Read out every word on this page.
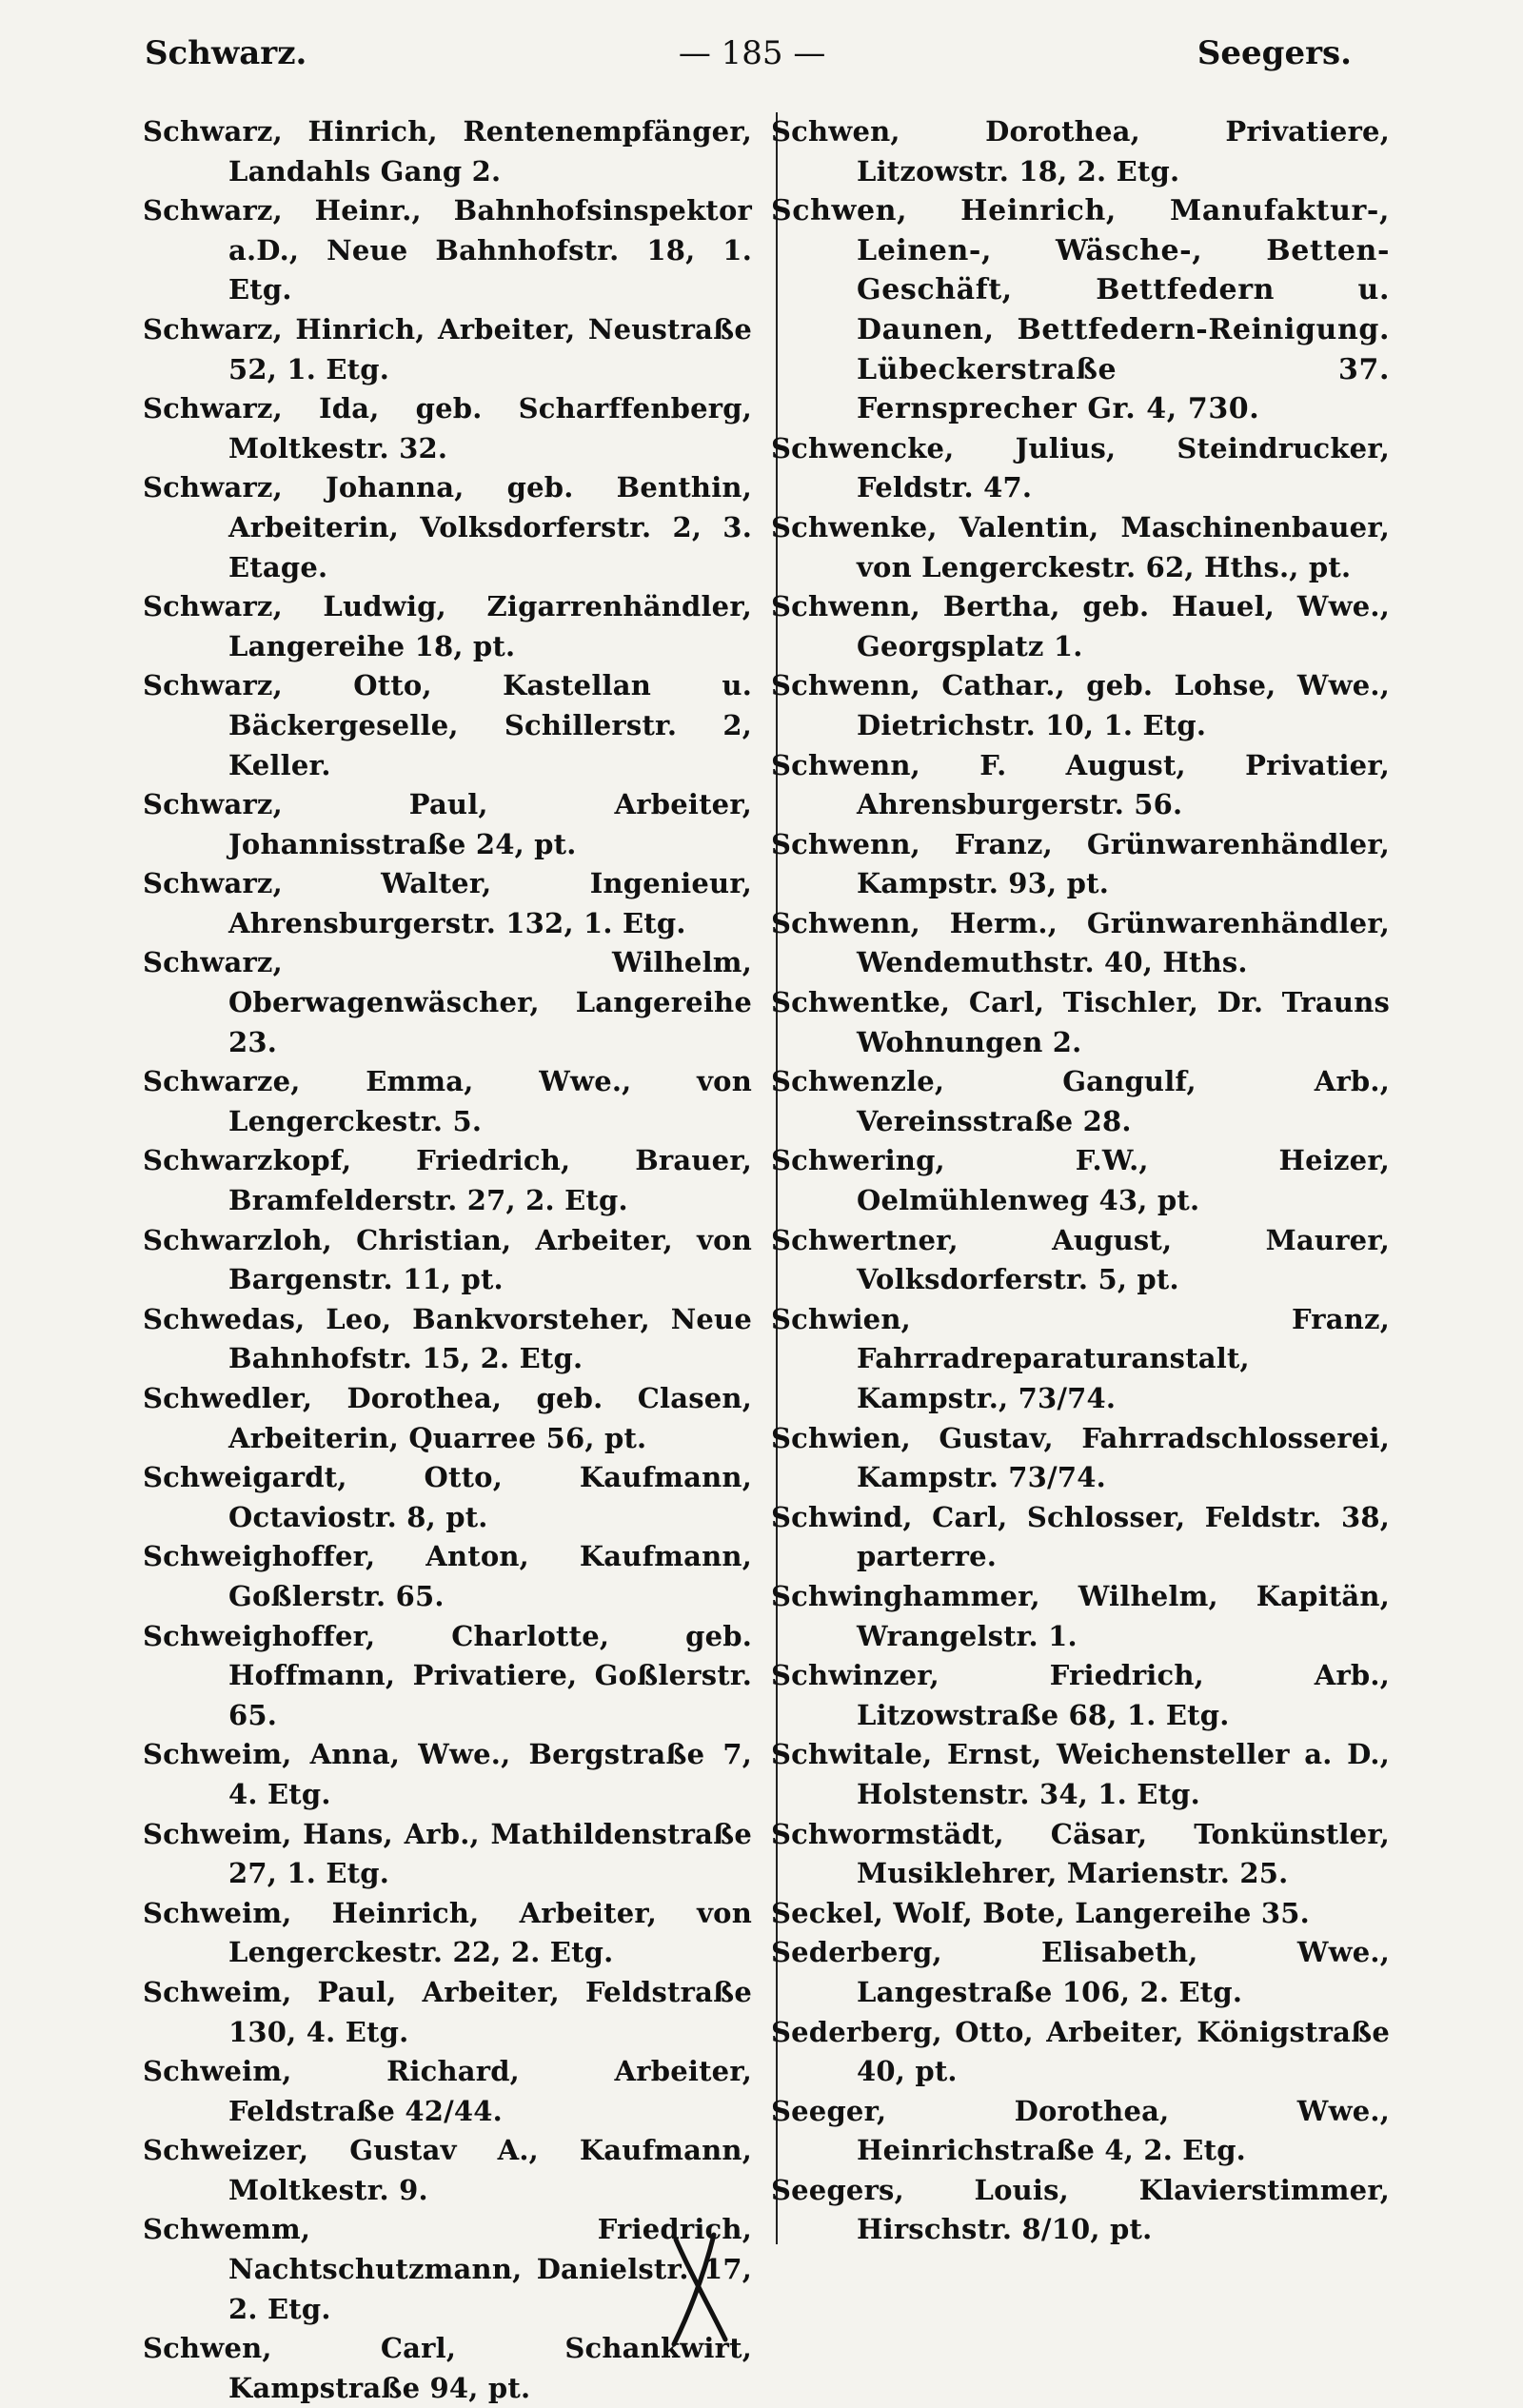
Schwarz.	— 185 —	Seegers.
Schwarz, Hinrich, Rentenempfänger, Landahls Gang 2.
Schwarz, Heinr., Bahnhofsinspektor a.D., Neue Bahnhofstr. 18, 1. Etg.
Schwarz, Hinrich, Arbeiter, Neustraße 52, 1. Etg.
Schwarz, Ida, geb. Scharffenberg, Moltkestr. 32.
Schwarz, Johanna, geb. Benthin, Arbeiterin, Volksdorferstr. 2, 3. Etage.
Schwarz, Ludwig, Zigarrenhändler, Langereihe 18, pt.
Schwarz, Otto, Kastellan u. Bäckergeselle, Schillerstr. 2, Keller.
Schwarz, Paul, Arbeiter, Johannisstraße 24, pt.
Schwarz, Walter, Ingenieur, Ahrensburgerstr. 132, 1. Etg.
Schwarz, Wilhelm, Oberwagenwäscher, Langereihe 23.
Schwarze, Emma, Wwe., von Lengerckestr. 5.
Schwarzkopf, Friedrich, Brauer, Bramfelderstr. 27, 2. Etg.
Schwarzloh, Christian, Arbeiter, von Bargenstr. 11, pt.
Schwedas, Leo, Bankvorsteher, Neue Bahnhofstr. 15, 2. Etg.
Schwedler, Dorothea, geb. Clasen, Arbeiterin, Quarree 56, pt.
Schweigardt, Otto, Kaufmann, Octaviostr. 8, pt.
Schweighoffer, Anton, Kaufmann, Goßlerstr. 65.
Schweighoffer, Charlotte, geb. Hoffmann, Privatiere, Goßlerstr. 65.
Schweim, Anna, Wwe., Bergstraße 7, 4. Etg.
Schweim, Hans, Arb., Mathildenstraße 27, 1. Etg.
Schweim, Heinrich, Arbeiter, von Lengerckestr. 22, 2. Etg.
Schweim, Paul, Arbeiter, Feldstraße 130, 4. Etg.
Schweim, Richard, Arbeiter, Feldstraße 42/44.
Schweizer, Gustav A., Kaufmann, Moltkestr. 9.
Schwemm, Friedrich, Nachtschutzmann, Danielstr. 17, 2. Etg.
Schwen, Carl, Schankwirt, Kampstraße 94, pt.
Schwen, Dorothea, Privatiere, Litzowstr. 18, 2. Etg.
Schwen, Heinrich, Manufaktur-, Leinen-, Wäsche-, Betten-Geschäft, Bettfedern u. Daunen, Bettfedern-Reinigung. Lübeckerstraße 37. Fernsprecher Gr. 4, 730.
Schwencke, Julius, Steindrucker, Feldstr. 47.
Schwenke, Valentin, Maschinenbauer, von Lengerckestr. 62, Hths., pt.
Schwenn, Bertha, geb. Hauel, Wwe., Georgsplatz 1.
Schwenn, Cathar., geb. Lohse, Wwe., Dietrichstr. 10, 1. Etg.
Schwenn, F. August, Privatier, Ahrensburgerstr. 56.
Schwenn, Franz, Grünwarenhändler, Kampstr. 93, pt.
Schwenn, Herm., Grünwarenhändler, Wendemuthstr. 40, Hths.
Schwentke, Carl, Tischler, Dr. Trauns Wohnungen 2.
Schwenzle, Gangulf, Arb., Vereinsstraße 28.
Schwering, F.W., Heizer, Oelmühlenweg 43, pt.
Schwertner, August, Maurer, Volksdorferstr. 5, pt.
Schwien, Franz, Fahrradreparaturanstalt, Kampstr., 73/74.
Schwien, Gustav, Fahrradschlosserei, Kampstr. 73/74.
Schwind, Carl, Schlosser, Feldstr. 38, parterre.
Schwinghammer, Wilhelm, Kapitän, Wrangelstr. 1.
Schwinzer, Friedrich, Arb., Litzowstraße 68, 1. Etg.
Schwitale, Ernst, Weichensteller a. D., Holstenstr. 34, 1. Etg.
Schwormstädt, Cäsar, Tonkünstler, Musiklehrer, Marienstr. 25.
Seckel, Wolf, Bote, Langereihe 35.
Sederberg, Elisabeth, Wwe., Langestraße 106, 2. Etg.
Sederberg, Otto, Arbeiter, Königstraße 40, pt.
Seeger, Dorothea, Wwe., Heinrichstraße 4, 2. Etg.
Seegers, Louis, Klavierstimmer, Hirschstr. 8/10, pt.
